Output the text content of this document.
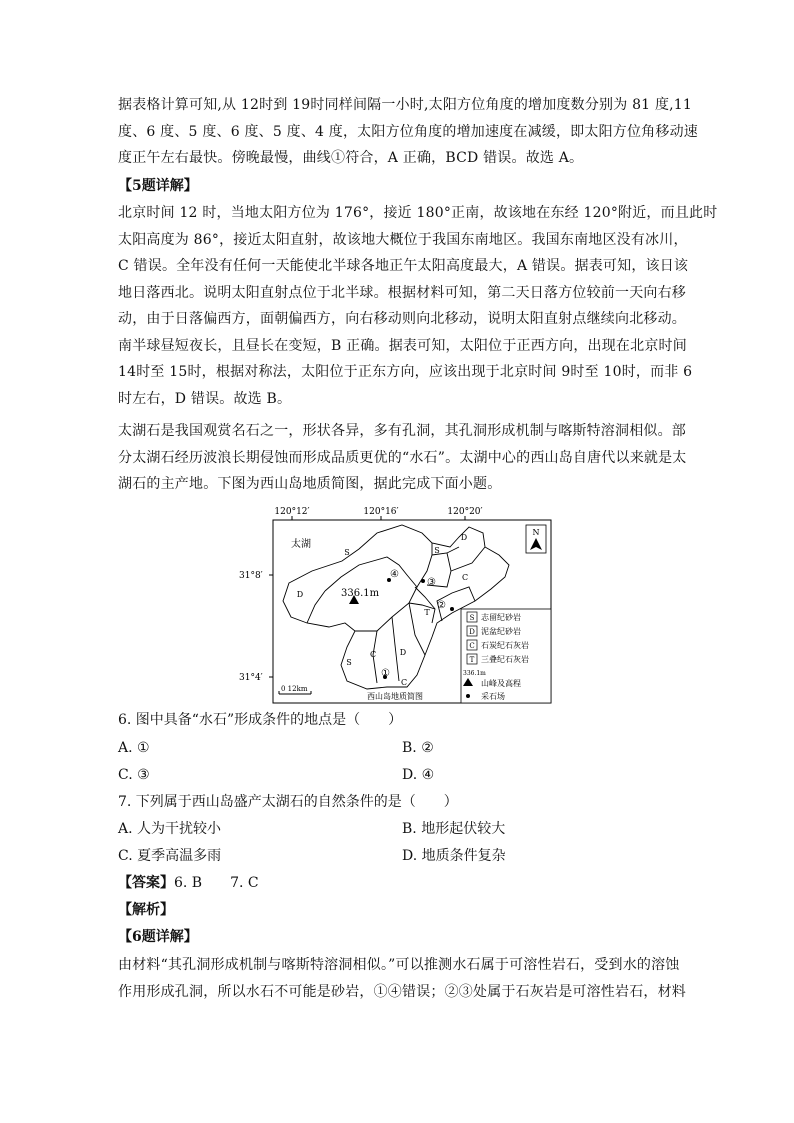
据表格计算可知,从 12时到 19时同样间隔一小时,太阳方位角度的增加度数分别为 81 度,11
度、6 度、5 度、6 度、5 度、4 度，太阳方位角度的增加速度在减缓，即太阳方位角移动速
度正午左右最快。傍晚最慢，曲线①符合，A 正确，BCD 错误。故选 A。
【5题详解】
北京时间 12 时，当地太阳方位为 176°，接近 180°正南，故该地在东经 120°附近，而且此时
太阳高度为 86°，接近太阳直射，故该地大概位于我国东南地区。我国东南地区没有冰川，
C 错误。全年没有任何一天能使北半球各地正午太阳高度最大，A 错误。据表可知，该日该
地日落西北。说明太阳直射点位于北半球。根据材料可知，第二天日落方位较前一天向右移
动，由于日落偏西方，面朝偏西方，向右移动则向北移动，说明太阳直射点继续向北移动。
南半球昼短夜长，且昼长在变短，B 正确。据表可知，太阳位于正西方向，出现在北京时间
14时至 15时，根据对称法，太阳位于正东方向，应该出现于北京时间 9时至 10时，而非 6
时左右，D 错误。故选 B。
太湖石是我国观赏名石之一，形状各异，多有孔洞，其孔洞形成机制与喀斯特溶洞相似。部
分太湖石经历波浪长期侵蚀而形成品质更优的“水石”。太湖中心的西山岛自唐代以来就是太
湖石的主产地。下图为西山岛地质简图，据此完成下面小题。
120°12′	120°16′	120°20′
31°8′
31°4′
太湖
N
S	S
C
D
T
S
C	D
C
D	336.1m
①
②
③
④
0 12km
西山岛地质简图
S 志留纪砂岩
D 泥盆纪砂岩
C 石炭纪石灰岩
T 三叠纪石灰岩
336.1m
山峰及高程
采石场
6. 图中具备“水石”形成条件的地点是（　　）
A. ①	B. ②
C. ③	D. ④
7. 下列属于西山岛盛产太湖石的自然条件的是（　　）
A. 人为干扰较小	B. 地形起伏较大
C. 夏季高温多雨	D. 地质条件复杂
【答案】6. B　　7. C
【解析】
【6题详解】
由材料“其孔洞形成机制与喀斯特溶洞相似。”可以推测水石属于可溶性岩石，受到水的溶蚀
作用形成孔洞，所以水石不可能是砂岩，①④错误；②③处属于石灰岩是可溶性岩石，材料
